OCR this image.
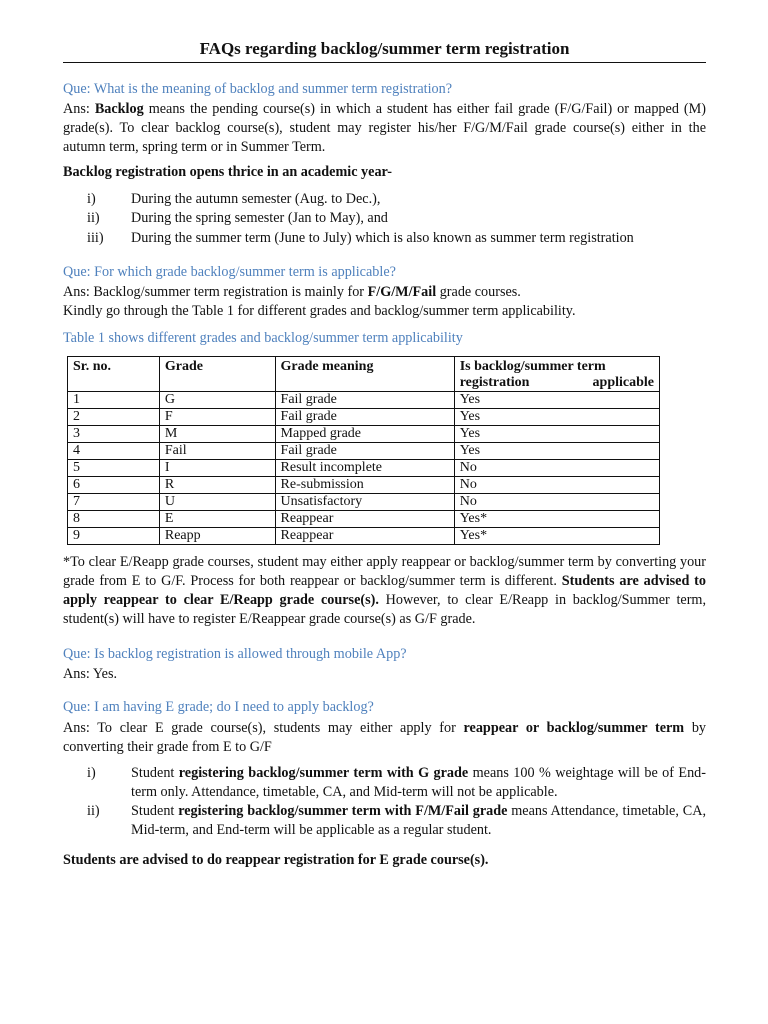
FAQs regarding backlog/summer term registration
Que: What is the meaning of backlog and summer term registration?
Ans: Backlog means the pending course(s) in which a student has either fail grade (F/G/Fail) or mapped (M) grade(s). To clear backlog course(s), student may register his/her F/G/M/Fail grade course(s) either in the autumn term, spring term or in Summer Term.
Backlog registration opens thrice in an academic year-
i) During the autumn semester (Aug. to Dec.),
ii) During the spring semester (Jan to May), and
iii) During the summer term (June to July) which is also known as summer term registration
Que: For which grade backlog/summer term is applicable?
Ans: Backlog/summer term registration is mainly for F/G/M/Fail grade courses.
Kindly go through the Table 1 for different grades and backlog/summer term applicability.
Table 1 shows different grades and backlog/summer term applicability
Sr. no.	Grade	Grade meaning	Is backlog/summer term registration applicable
1	G	Fail grade	Yes
2	F	Fail grade	Yes
3	M	Mapped grade	Yes
4	Fail	Fail grade	Yes
5	I	Result incomplete	No
6	R	Re-submission	No
7	U	Unsatisfactory	No
8	E	Reappear	Yes*
9	Reapp	Reappear	Yes*
*To clear E/Reapp grade courses, student may either apply reappear or backlog/summer term by converting your grade from E to G/F. Process for both reappear or backlog/summer term is different. Students are advised to apply reappear to clear E/Reapp grade course(s). However, to clear E/Reapp in backlog/Summer term, student(s) will have to register E/Reappear grade course(s) as G/F grade.
Que: Is backlog registration is allowed through mobile App?
Ans: Yes.
Que: I am having E grade; do I need to apply backlog?
Ans: To clear E grade course(s), students may either apply for reappear or backlog/summer term by converting their grade from E to G/F
i) Student registering backlog/summer term with G grade means 100 % weightage will be of End-term only. Attendance, timetable, CA, and Mid-term will not be applicable.
ii) Student registering backlog/summer term with F/M/Fail grade means Attendance, timetable, CA, Mid-term, and End-term will be applicable as a regular student.
Students are advised to do reappear registration for E grade course(s).
